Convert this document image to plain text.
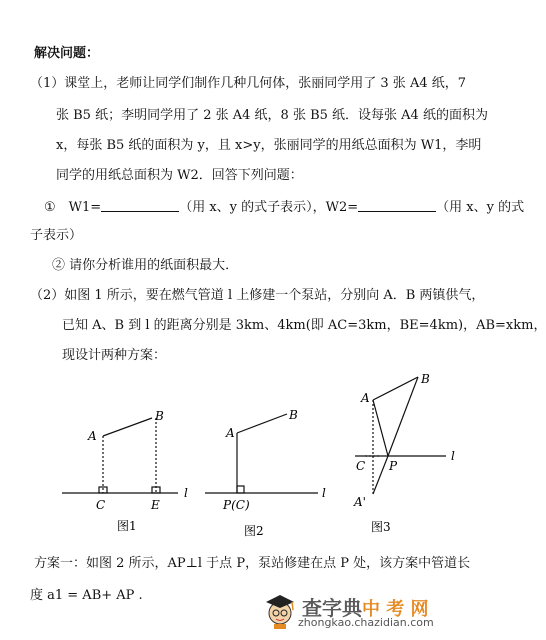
解决问题：
（1）课堂上，老师让同学们制作几种几何体，张丽同学用了 3 张 A4 纸，7
张 B5 纸；李明同学用了 2 张 A4 纸，8 张 B5 纸．设每张 A4 纸的面积为
x，每张 B5 纸的面积为 y，且 x>y，张丽同学的用纸总面积为 W1，李明
同学的用纸总面积为 W2．回答下列问题：
①　W1=	（用 x、y 的式子表示），W2=	（用 x、y 的式
子表示）
② 请你分析谁用的纸面积最大．
（2）如图 1 所示，要在燃气管道 l 上修建一个泵站，分别向 A．B 两镇供气，
已知 A、B 到 l 的距离分别是 3km、4km(即 AC=3km，BE=4km)，AB=xkm，
现设计两种方案：
A
B
C	E
l
图1
A
B
P(C)
l
图2
A
B
C P
A'
l
图3
方案一：如图 2 所示，AP⊥l 于点 P，泵站修建在点 P 处，该方案中管道长
度 a1 = AB+ AP .
查字典中 考 网
zhongkao.chazidian.com
